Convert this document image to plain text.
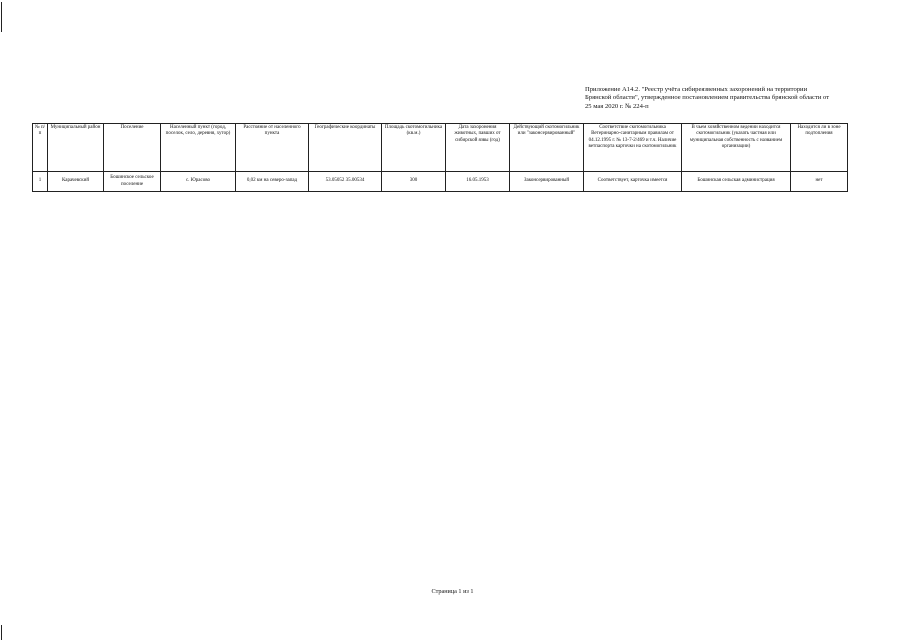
Приложение А14.2. "Реестр учёта сибиреязвенных захоронений на территории
Брянской области", утвержденное постановлением правительства брянской области от
25 мая 2020 г. № 224-п
№ п/п	Муниципальный район	Поселение	Населенный пункт (город, поселок, село, деревня, хутор)	Расстояние от населенного пункта	Географические координаты	Площадь скотомогильника (кв.м.)	Дата захоронения животных, павших от сибирской язвы (год)	Действующий скотомогильник или "законсервированный"	Соответствие скотомогильника Ветеринарно-санитарным правилам от 04.12.1995 г. № 13-7-2/469 и т.ч. Наличие ветпаспорта карточки на скотомогильник	В чьем хозяйственном ведении находится скотомогильник (указать частная или муниципальная собственность с названием организации)	Находится ли в зоне подтопления
1	Карачевский	Бошинское сельское поселение	с. Юрасово	0,02 км на северо-запад	53.05052 35.00534	300	16.05.1953	Законсервированный	Соответствует, карточка имеется	Бошинская сельская администрация	нет
Страница 1 из 1
